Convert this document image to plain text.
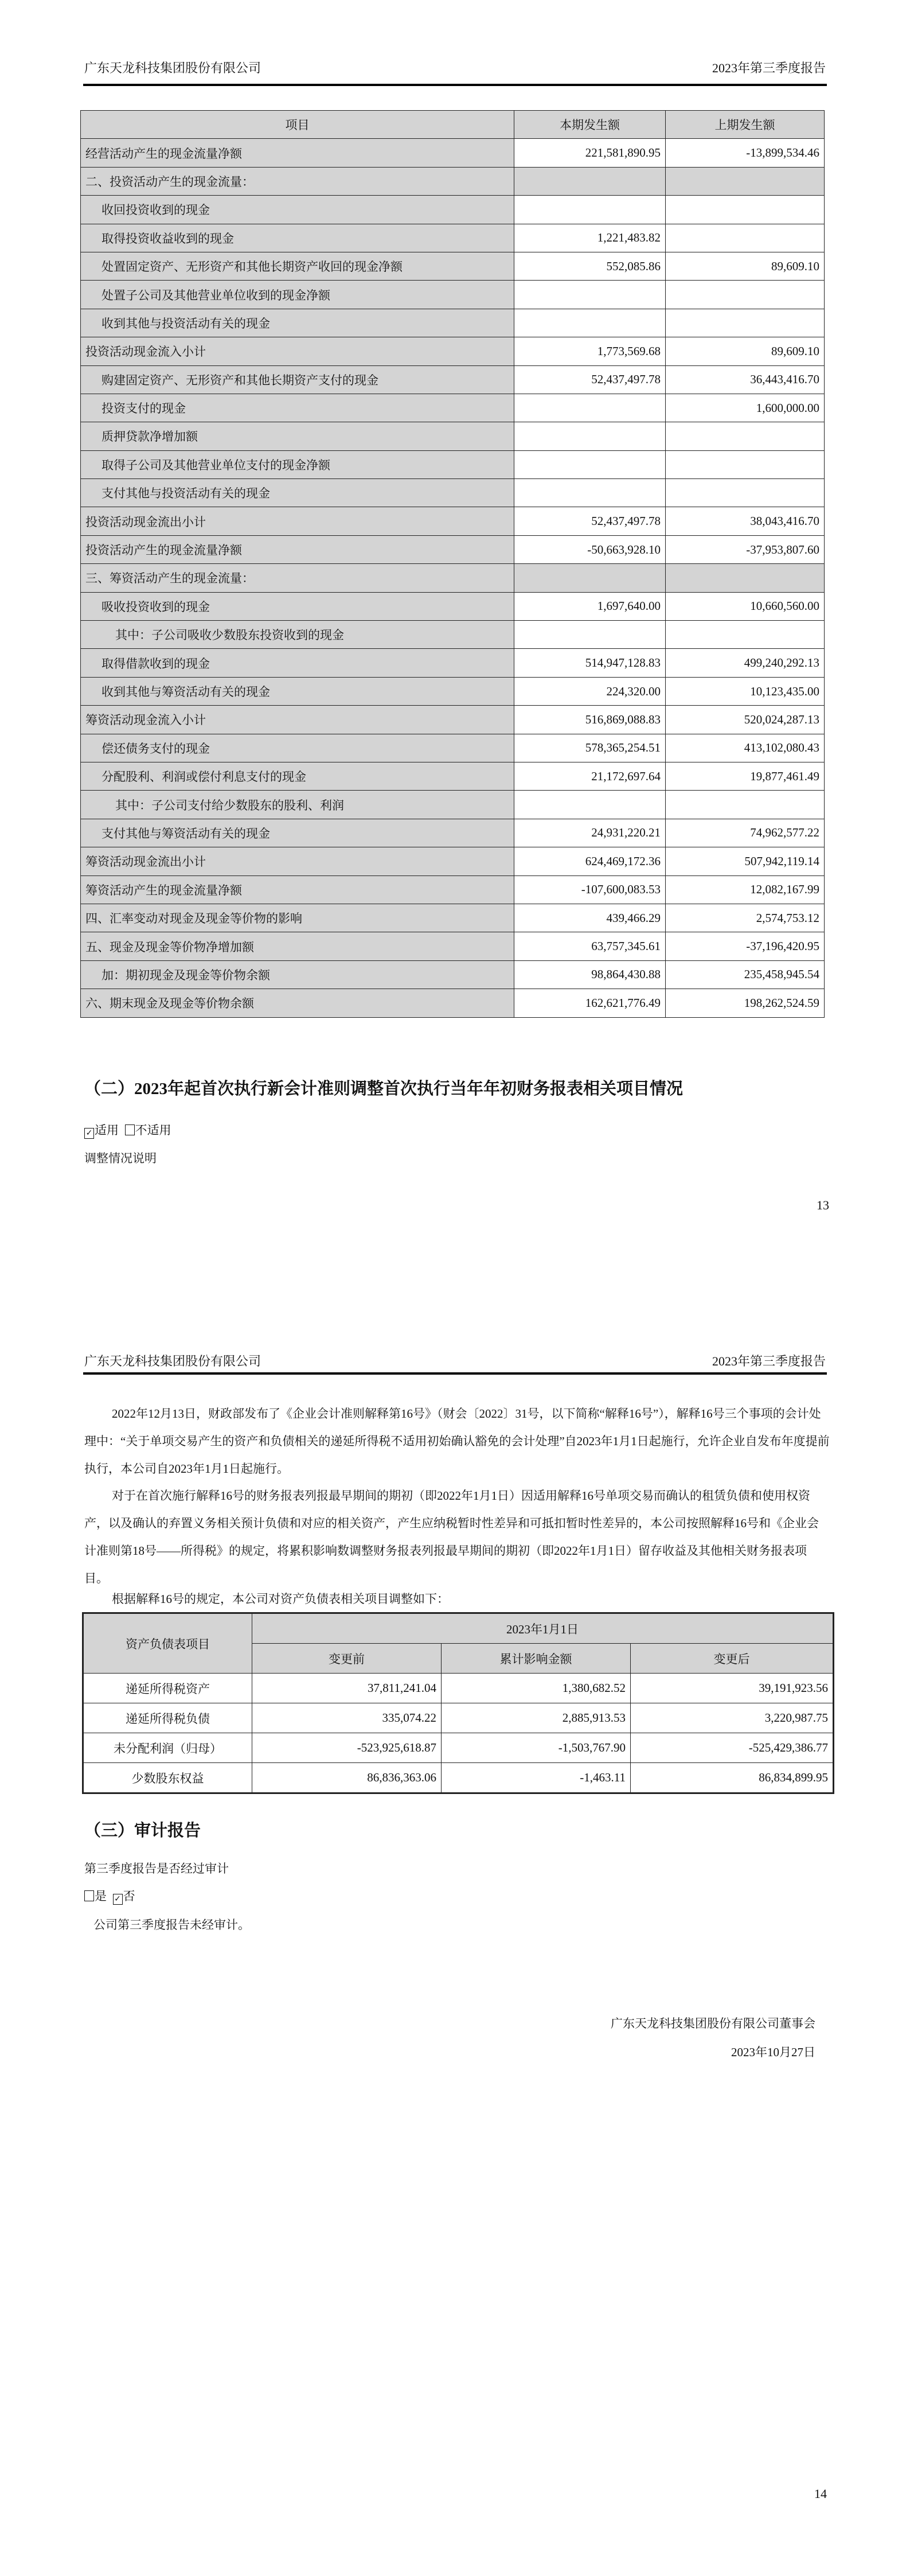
广东天龙科技集团股份有限公司	2023年第三季度报告
项目	本期发生额	上期发生额
经营活动产生的现金流量净额	221,581,890.95	-13,899,534.46
二、投资活动产生的现金流量：		
收回投资收到的现金		
取得投资收益收到的现金	1,221,483.82	
处置固定资产、无形资产和其他长期资产收回的现金净额	552,085.86	89,609.10
处置子公司及其他营业单位收到的现金净额		
收到其他与投资活动有关的现金		
投资活动现金流入小计	1,773,569.68	89,609.10
购建固定资产、无形资产和其他长期资产支付的现金	52,437,497.78	36,443,416.70
投资支付的现金		1,600,000.00
质押贷款净增加额		
取得子公司及其他营业单位支付的现金净额		
支付其他与投资活动有关的现金		
投资活动现金流出小计	52,437,497.78	38,043,416.70
投资活动产生的现金流量净额	-50,663,928.10	-37,953,807.60
三、筹资活动产生的现金流量：		
吸收投资收到的现金	1,697,640.00	10,660,560.00
其中：子公司吸收少数股东投资收到的现金		
取得借款收到的现金	514,947,128.83	499,240,292.13
收到其他与筹资活动有关的现金	224,320.00	10,123,435.00
筹资活动现金流入小计	516,869,088.83	520,024,287.13
偿还债务支付的现金	578,365,254.51	413,102,080.43
分配股利、利润或偿付利息支付的现金	21,172,697.64	19,877,461.49
其中：子公司支付给少数股东的股利、利润		
支付其他与筹资活动有关的现金	24,931,220.21	74,962,577.22
筹资活动现金流出小计	624,469,172.36	507,942,119.14
筹资活动产生的现金流量净额	-107,600,083.53	12,082,167.99
四、汇率变动对现金及现金等价物的影响	439,466.29	2,574,753.12
五、现金及现金等价物净增加额	63,757,345.61	-37,196,420.95
加：期初现金及现金等价物余额	98,864,430.88	235,458,945.54
六、期末现金及现金等价物余额	162,621,776.49	198,262,524.59
（二）2023年起首次执行新会计准则调整首次执行当年年初财务报表相关项目情况
✓ 适用 不适用
调整情况说明
13
广东天龙科技集团股份有限公司	2023年第三季度报告
2022年12月13日，财政部发布了《企业会计准则解释第16号》（财会〔2022〕31号，以下简称“解释16号”），解释16号三个事项的会计处理中：“关于单项交易产生的资产和负债相关的递延所得税不适用初始确认豁免的会计处理”自2023年1月1日起施行，允许企业自发布年度提前执行，本公司自2023年1月1日起施行。
对于在首次施行解释16号的财务报表列报最早期间的期初（即2022年1月1日）因适用解释16号单项交易而确认的租赁负债和使用权资产，以及确认的弃置义务相关预计负债和对应的相关资产，产生应纳税暂时性差异和可抵扣暂时性差异的，本公司按照解释16号和《企业会计准则第18号——所得税》的规定，将累积影响数调整财务报表列报最早期间的期初（即2022年1月1日）留存收益及其他相关财务报表项目。
根据解释16号的规定，本公司对资产负债表相关项目调整如下：
资产负债表项目	2023年1月1日		
	变更前	累计影响金额	变更后
递延所得税资产	37,811,241.04	1,380,682.52	39,191,923.56
递延所得税负债	335,074.22	2,885,913.53	3,220,987.75
未分配利润（归母）	-523,925,618.87	-1,503,767.90	-525,429,386.77
少数股东权益	86,836,363.06	-1,463.11	86,834,899.95
（三）审计报告
第三季度报告是否经过审计
是 ✓ 否
公司第三季度报告未经审计。
广东天龙科技集团股份有限公司董事会
2023年10月27日
14
